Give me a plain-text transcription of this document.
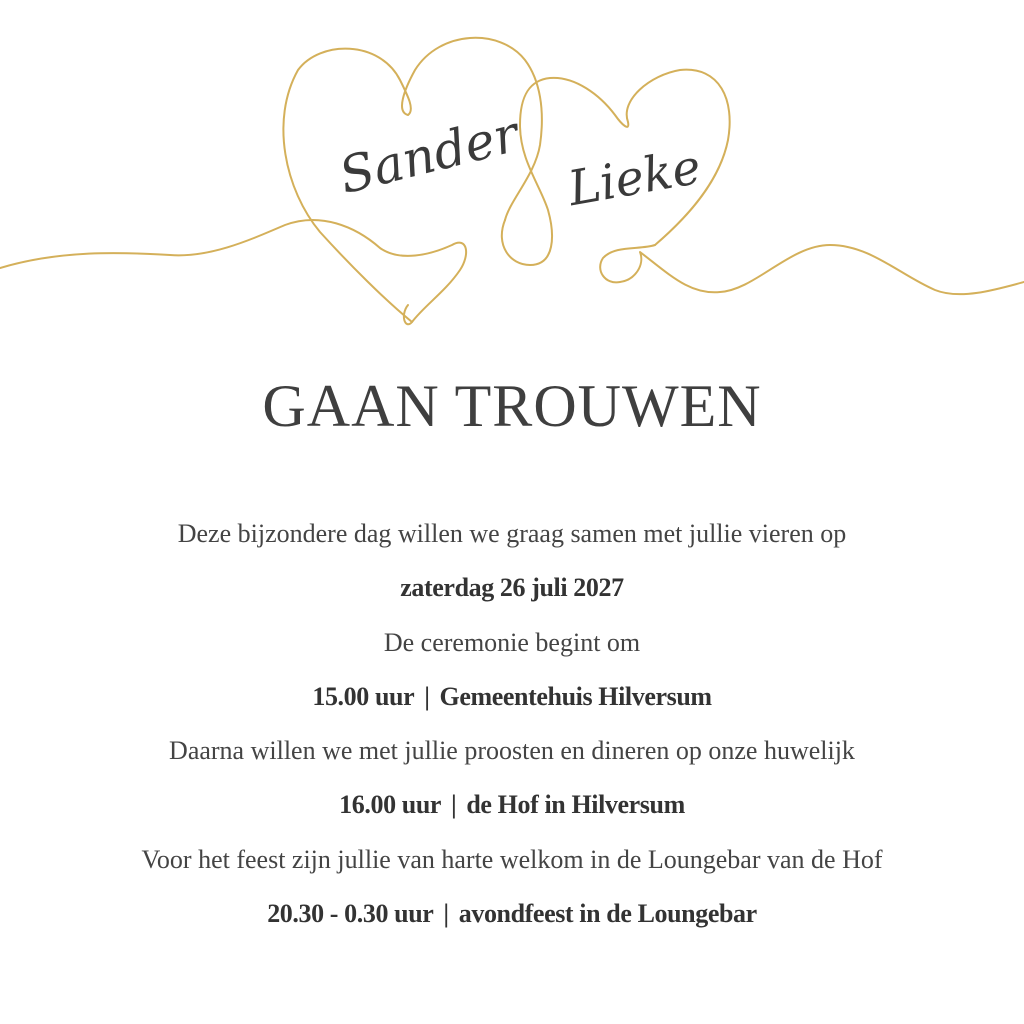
Sander Lieke
GAAN TROUWEN
Deze bijzondere dag willen we graag samen met jullie vieren op
zaterdag 26 juli 2027
De ceremonie begint om
15.00 uur | Gemeentehuis Hilversum
Daarna willen we met jullie proosten en dineren op onze huwelijk
16.00 uur | de Hof in Hilversum
Voor het feest zijn jullie van harte welkom in de Loungebar van de Hof
20.30 - 0.30 uur | avondfeest in de Loungebar
